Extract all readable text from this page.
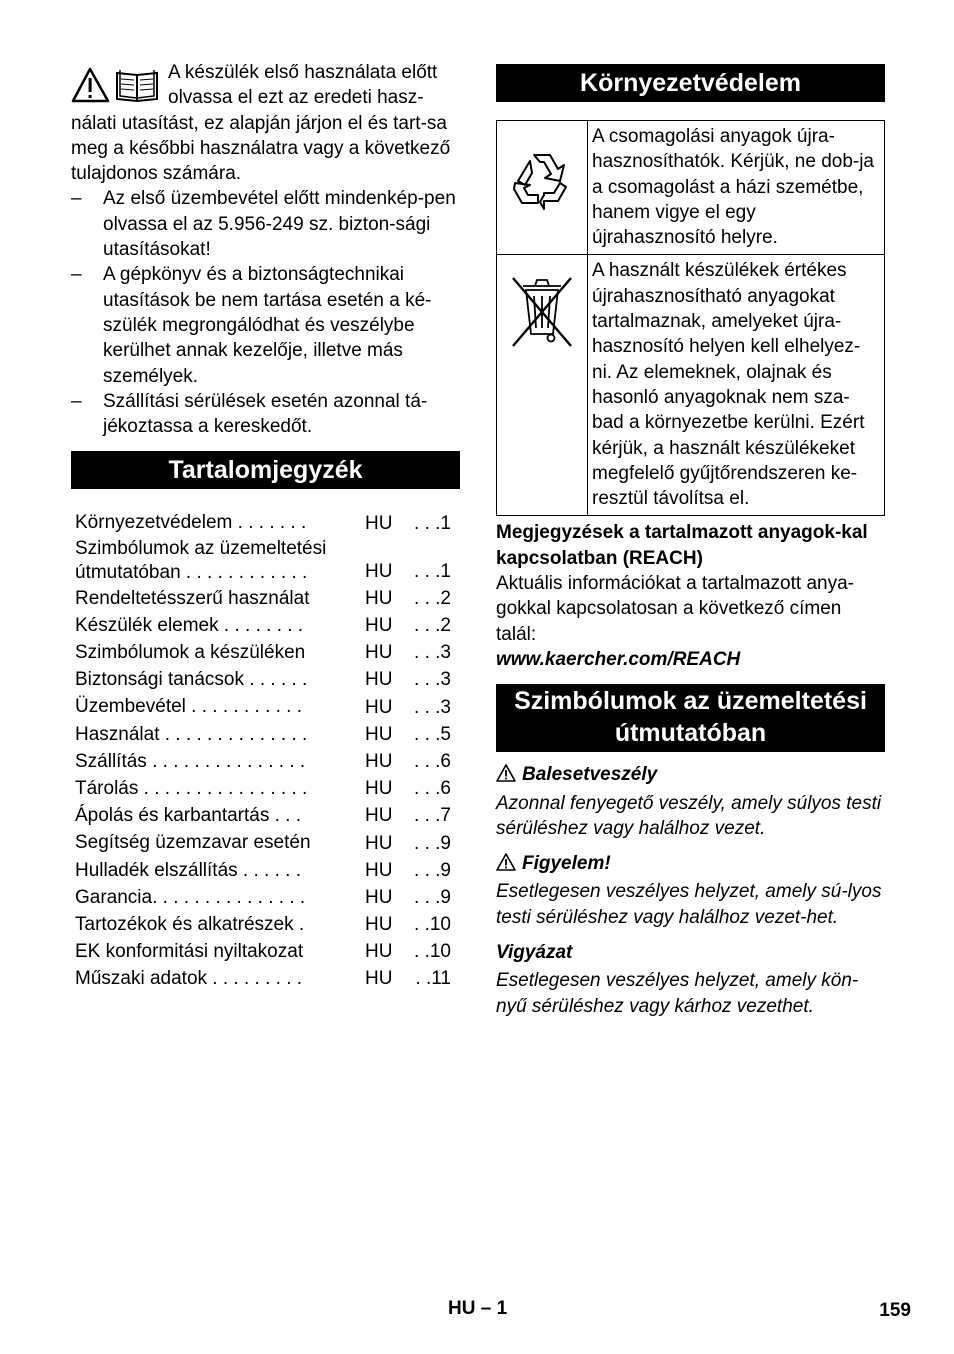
A készülék első használata előtt

olvassa el ezt az eredeti hasz-

nálati utasítást, ez alapján járjon el és tart-sa meg a későbbi használatra vagy a következő tulajdonos számára.

– Az első üzembevétel előtt mindenkép-pen olvassa el az 5.956-249 sz. bizton-sági utasításokat!
– A gépkönyv és a biztonságtechnikai utasítások be nem tartása esetén a ké-szülék megrongálódhat és veszélybe kerülhet annak kezelője, illetve más személyek.
– Szállítási sérülések esetén azonnal tá-jékoztassa a kereskedőt.
Tartalomjegyzék
Környezetvédelem . . . . . . .	HU . . .1
Szimbólumok az üzemeltetési útmutatóban . . . . . . . . . . . .	HU . . .1
Rendeltetésszerű használat	HU . . .2
Készülék elemek . . . . . . . .	HU . . .2
Szimbólumok a készüléken	HU . . .3
Biztonsági tanácsok . . . . . .	HU . . .3
Üzembevétel . . . . . . . . . . .	HU . . .3
Használat . . . . . . . . . . . . . .	HU . . .5
Szállítás . . . . . . . . . . . . . . .	HU . . .6
Tárolás . . . . . . . . . . . . . . . .	HU . . .6
Ápolás és karbantartás . . .	HU . . .7
Segítség üzemzavar esetén	HU . . .9
Hulladék elszállítás . . . . . .	HU . . .9
Garancia. . . . . . . . . . . . . . .	HU . . .9
Tartozékok és alkatrészek .	HU . .10
EK konformitási nyiltakozat	HU . .10
Műszaki adatok . . . . . . . . .	HU . .11
Környezetvédelem
	A csomagolási anyagok újra-hasznosíthatók. Kérjük, ne dob-ja a csomagolást a házi szemétbe, hanem vigye el egy újrahasznosító helyre.
	A használt készülékek értékes újrahasznosítható anyagokat tartalmaznak, amelyeket újra-hasznosító helyen kell elhelyez-ni. Az elemeknek, olajnak és hasonló anyagoknak nem sza-bad a környezetbe kerülni. Ezért kérjük, a használt készülékeket megfelelő gyűjtőrendszeren ke-resztül távolítsa el.

Megjegyzések a tartalmazott anyagok-kal kapcsolatban (REACH)

Aktuális információkat a tartalmazott anya-gokkal kapcsolatosan a következő címen talál:

www.kaercher.com/REACH

Szimbólumok az üzemeltetési útmutatóban

Balesetveszély

Azonnal fenyegető veszély, amely súlyos testi sérüléshez vagy halálhoz vezet.

Figyelem!

Esetlegesen veszélyes helyzet, amely sú-lyos testi sérüléshez vagy halálhoz vezet-het.

Vigyázat

Esetlegesen veszélyes helyzet, amely kön-nyű sérüléshez vagy kárhoz vezethet.

HU – 1	159
